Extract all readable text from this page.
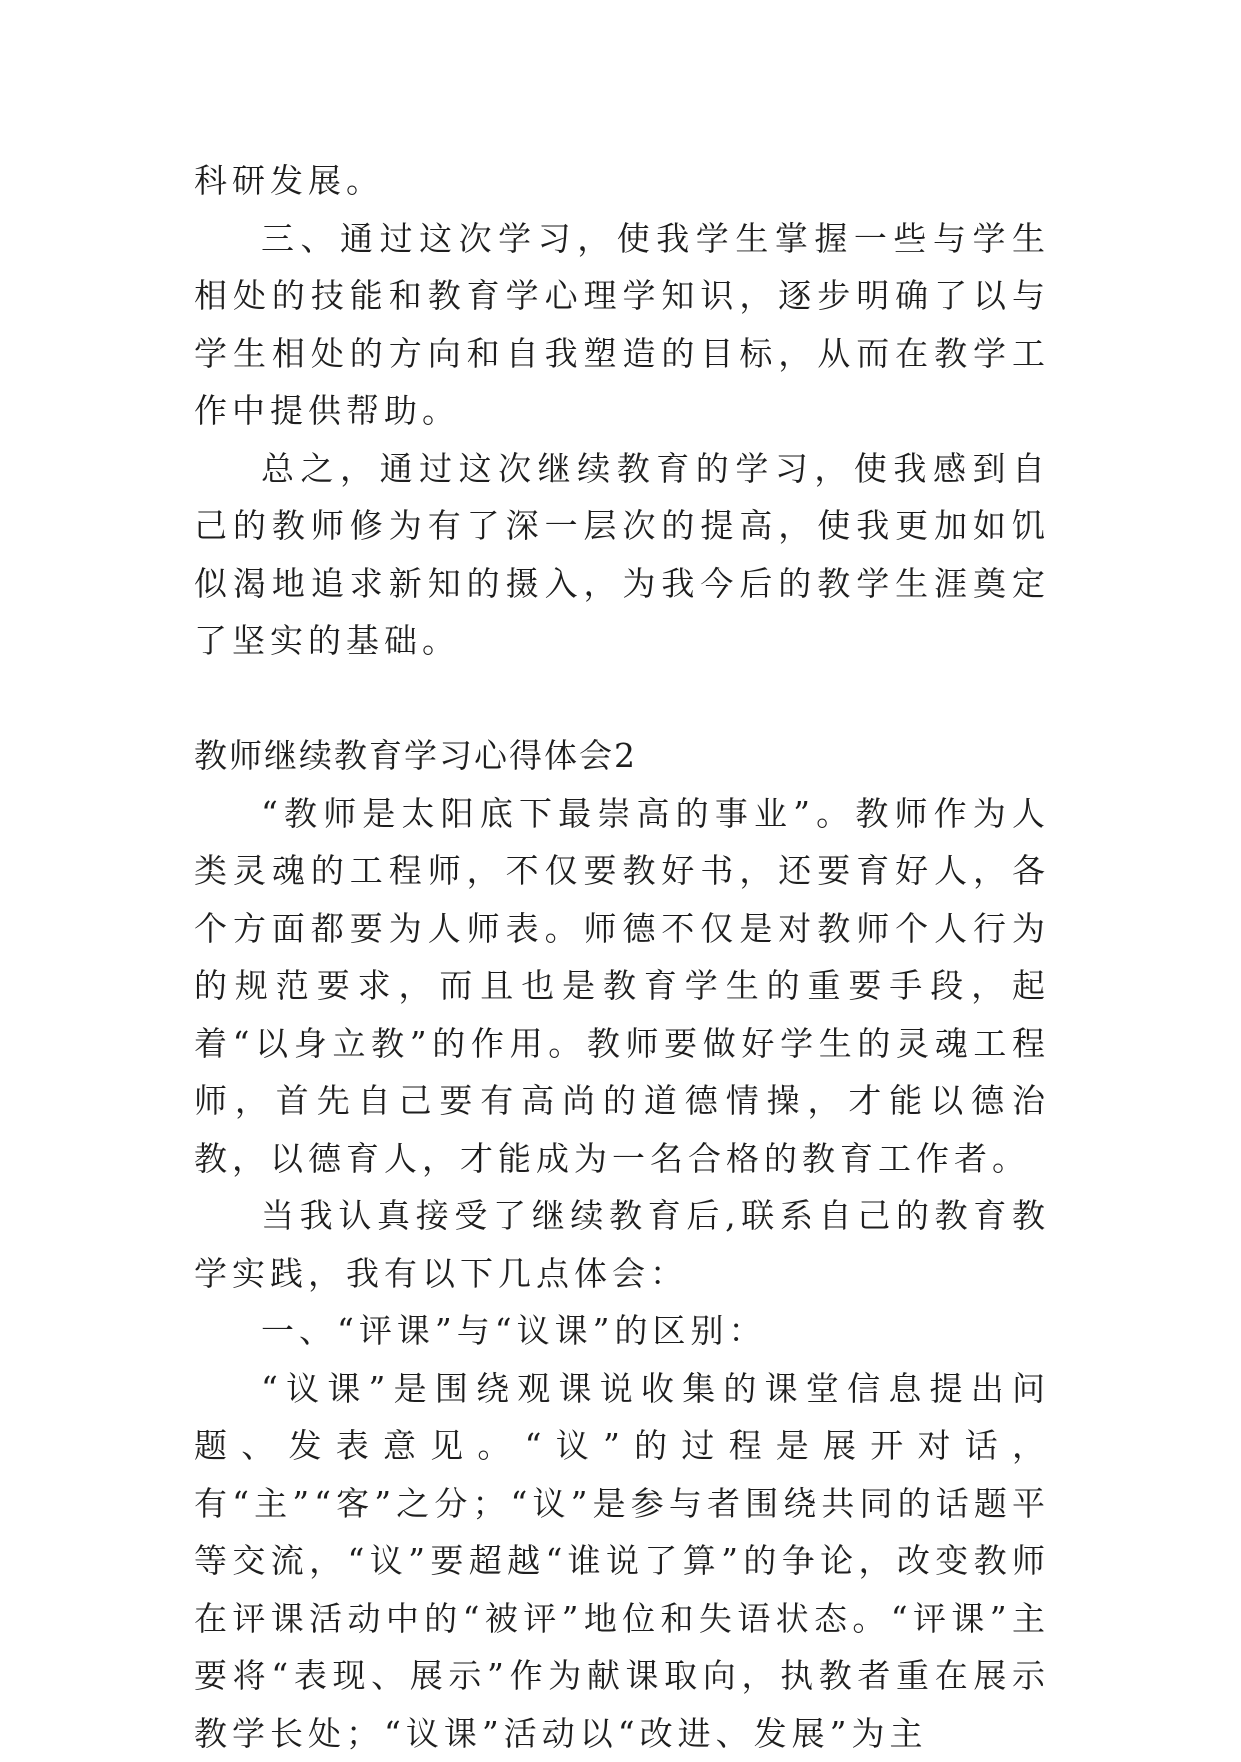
科研发展。

三、通过这次学习，使我学生掌握一些与学生相处的技能和教育学心理学知识，逐步明确了以与学生相处的方向和自我塑造的目标，从而在教学工作中提供帮助。

总之，通过这次继续教育的学习，使我感到自己的教师修为有了深一层次的提高，使我更加如饥似渴地追求新知的摄入，为我今后的教学生涯奠定了坚实的基础。

教师继续教育学习心得体会2

“教师是太阳底下最崇高的事业”。教师作为人类灵魂的工程师，不仅要教好书，还要育好人，各个方面都要为人师表。师德不仅是对教师个人行为的规范要求，而且也是教育学生的重要手段，起着“以身立教”的作用。教师要做好学生的灵魂工程师，首先自己要有高尚的道德情操，才能以德治教，以德育人，才能成为一名合格的教育工作者。

当我认真接受了继续教育后,联系自己的教育教学实践，我有以下几点体会：

一、“评课”与“议课”的区别：

“议课”是围绕观课说收集的课堂信息提出问题、发表意见。“议”的过程是展开对话，有“主”“客”之分；“议”是参与者围绕共同的话题平等交流，“议”要超越“谁说了算”的争论，改变教师在评课活动中的“被评”地位和失语状态。“评课”主要将“表现、展示”作为献课取向，执教者重在展示教学长处；“议课”活动以“改进、发展”为主
